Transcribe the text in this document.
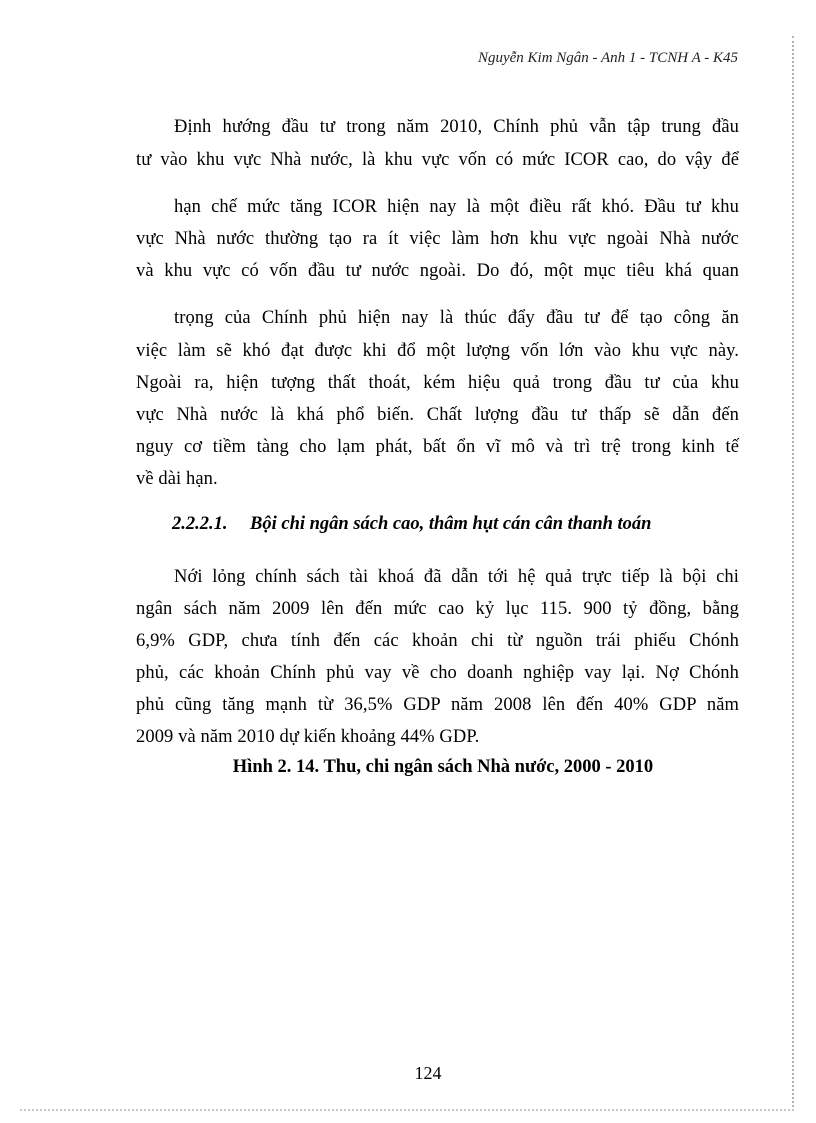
Nguyễn Kim Ngân - Anh 1 - TCNH A - K45
Định hướng đầu tư trong năm 2010, Chính phủ vẫn tập trung đầu
tư vào khu vực Nhà nước, là khu vực vốn có mức ICOR cao, do vậy để
hạn chế mức tăng ICOR hiện nay là một điều rất khó. Đầu tư khu
vực Nhà nước thường tạo ra ít việc làm hơn khu vực ngoài Nhà nước
và khu vực có vốn đầu tư nước ngoài. Do đó, một mục tiêu khá quan
trọng của Chính phủ hiện nay là thúc đẩy đầu tư để tạo công ăn
việc làm sẽ khó đạt được khi đổ một lượng vốn lớn vào khu vực này.
Ngoài ra, hiện tượng thất thoát, kém hiệu quả trong đầu tư của khu
vực Nhà nước là khá phổ biến. Chất lượng đầu tư thấp sẽ dẫn đến
nguy cơ tiềm tàng cho lạm phát, bất ổn vĩ mô và trì trệ trong kinh tế
về dài hạn.
2.2.2.1. Bội chi ngân sách cao, thâm hụt cán cân thanh toán
Nới lỏng chính sách tài khoá đã dẫn tới hệ quả trực tiếp là bội chi
ngân sách năm 2009 lên đến mức cao kỷ lục 115. 900 tỷ đồng, bằng
6,9% GDP, chưa tính đến các khoản chi từ nguồn trái phiếu Chónh
phủ, các khoản Chính phủ vay về cho doanh nghiệp vay lại. Nợ Chónh
phủ cũng tăng mạnh từ 36,5% GDP năm 2008 lên đến 40% GDP năm
2009 và năm 2010 dự kiến khoảng 44% GDP.
Hình 2. 14. Thu, chi ngân sách Nhà nước, 2000 - 2010
124
